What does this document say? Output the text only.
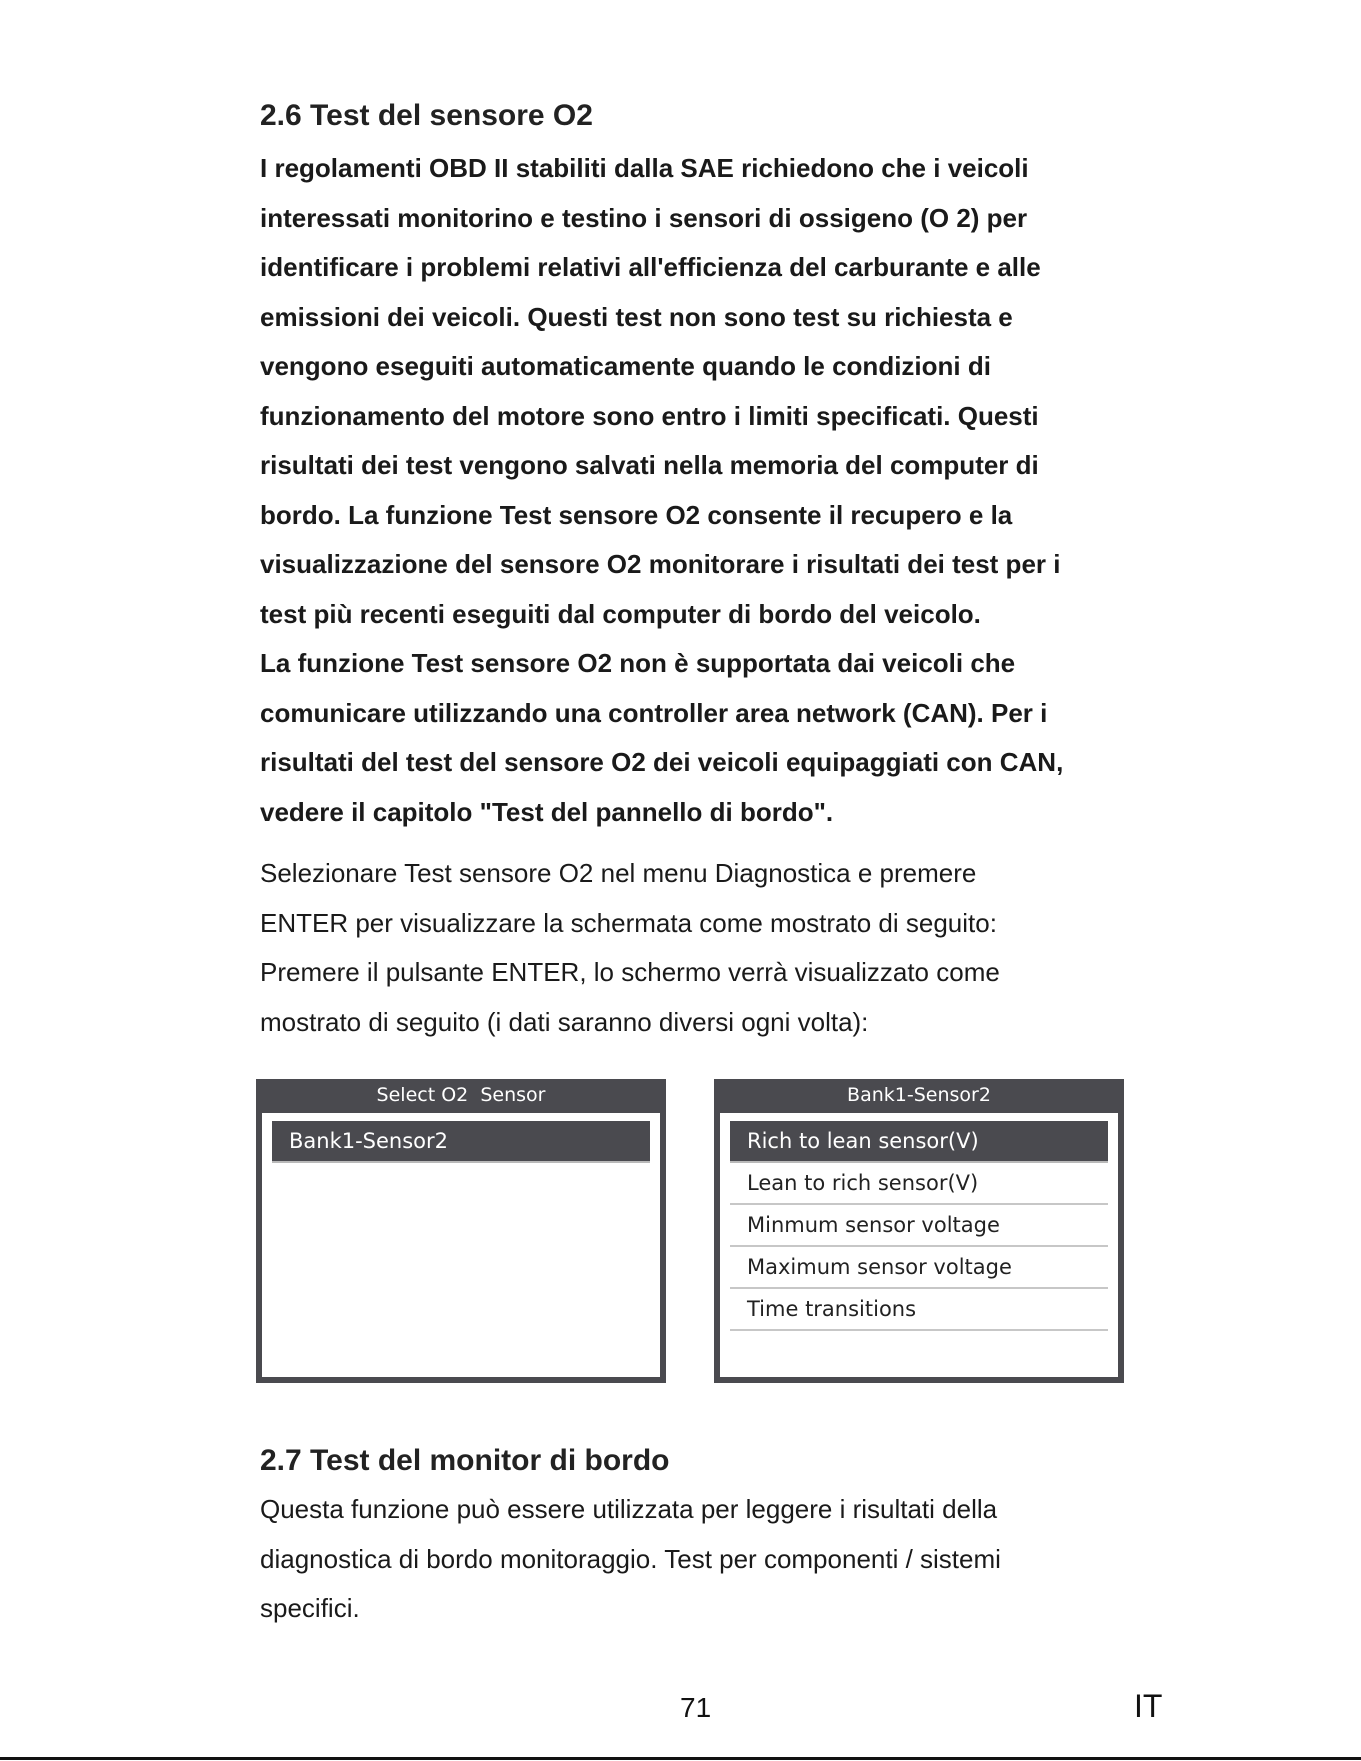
2.6 Test del sensore O2
I regolamenti OBD II stabiliti dalla SAE richiedono che i veicoli
interessati monitorino e testino i sensori di ossigeno (O 2) per
identificare i problemi relativi all'efficienza del carburante e alle
emissioni dei veicoli. Questi test non sono test su richiesta e
vengono eseguiti automaticamente quando le condizioni di
funzionamento del motore sono entro i limiti specificati. Questi
risultati dei test vengono salvati nella memoria del computer di
bordo. La funzione Test sensore O2 consente il recupero e la
visualizzazione del sensore O2 monitorare i risultati dei test per i
test più recenti eseguiti dal computer di bordo del veicolo.
La funzione Test sensore O2 non è supportata dai veicoli che
comunicare utilizzando una controller area network (CAN). Per i
risultati del test del sensore O2 dei veicoli equipaggiati con CAN,
vedere il capitolo "Test del pannello di bordo".
Selezionare Test sensore O2 nel menu Diagnostica e premere
ENTER per visualizzare la schermata come mostrato di seguito:
Premere il pulsante ENTER, lo schermo verrà visualizzato come
mostrato di seguito (i dati saranno diversi ogni volta):
Select O2  Sensor
Bank1-Sensor2
Bank1-Sensor2
Rich to lean sensor(V)
Lean to rich sensor(V)
Minmum sensor voltage
Maximum sensor voltage
Time transitions
2.7 Test del monitor di bordo
Questa funzione può essere utilizzata per leggere i risultati della
diagnostica di bordo monitoraggio. Test per componenti / sistemi
specifici.
71	IT
